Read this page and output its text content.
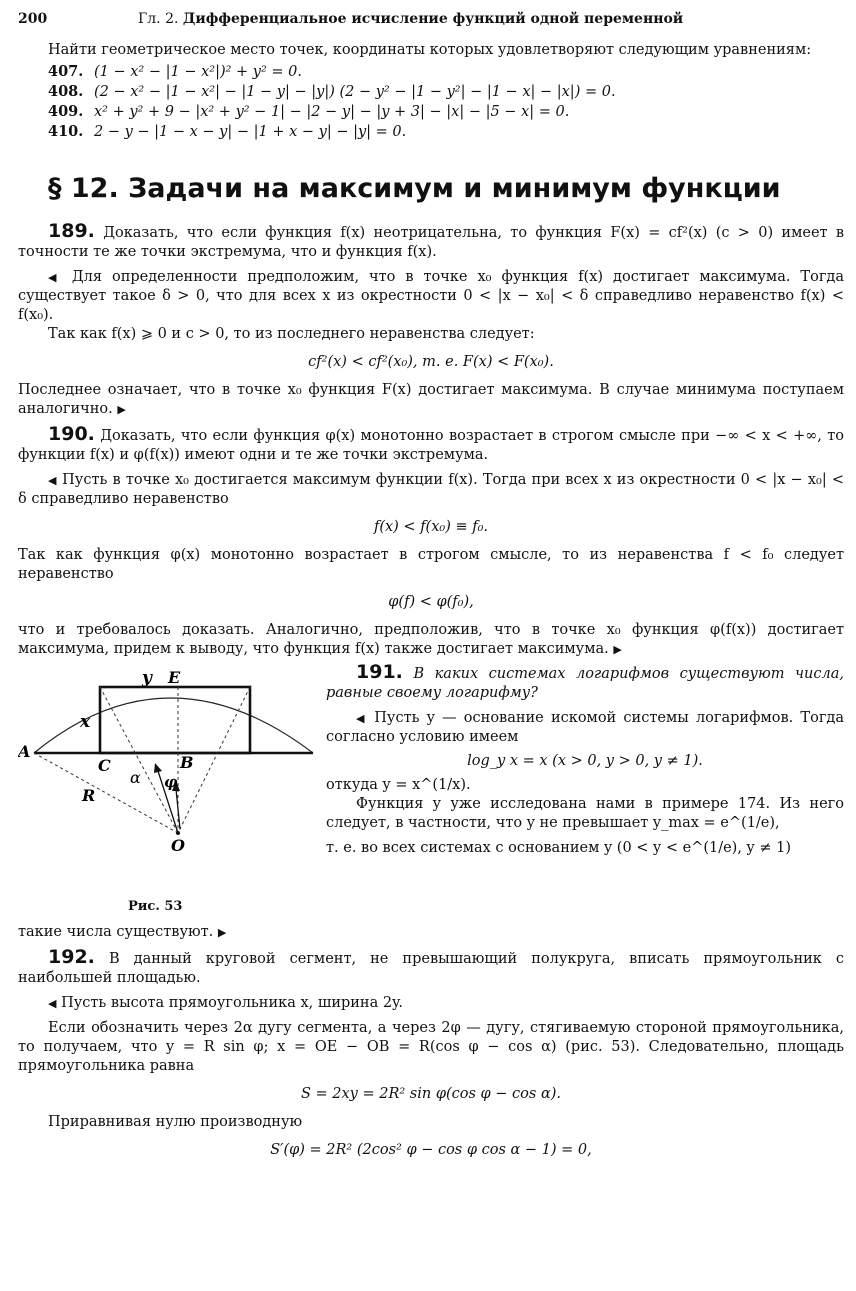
200	Гл. 2. Дифференциальное исчисление функций одной переменной

Найти геометрическое место точек, координаты которых удовлетворяют следующим уравнениям:

407. (1 − x² − |1 − x²|)² + y² = 0.
408. (2 − x² − |1 − x²| − |1 − y| − |y|) (2 − y² − |1 − y²| − |1 − x| − |x|) = 0.
409. x² + y² + 9 − |x² + y² − 1| − |2 − y| − |y + 3| − |x| − |5 − x| = 0.
410. 2 − y − |1 − x − y| − |1 + x − y| − |y| = 0.
§ 12. Задачи на максимум и минимум функции

189. Доказать, что если функция f(x) неотрицательна, то функция F(x) = cf²(x) (c > 0) имеет в точности те же точки экстремума, что и функция f(x).

◀ Для определенности предположим, что в точке x₀ функция f(x) достигает максимума. Тогда существует такое δ > 0, что для всех x из окрестности 0 < |x − x₀| < δ справедливо неравенство f(x) < f(x₀).

Так как f(x) ⩾ 0 и c > 0, то из последнего неравенства следует:

cf²(x) < cf²(x₀), т. е. F(x) < F(x₀).

Последнее означает, что в точке x₀ функция F(x) достигает максимума. В случае минимума поступаем аналогично. ▶

190. Доказать, что если функция φ(x) монотонно возрастает в строгом смысле при −∞ < x < +∞, то функции f(x) и φ(f(x)) имеют одни и те же точки экстремума.

◀ Пусть в точке x₀ достигается максимум функции f(x). Тогда при всех x из окрестности 0 < |x − x₀| < δ справедливо неравенство

f(x) < f(x₀) ≡ f₀.

Так как функция φ(x) монотонно возрастает в строгом смысле, то из неравенства f < f₀ следует неравенство

φ(f) < φ(f₀),

что и требовалось доказать. Аналогично, предположив, что в точке x₀ функция φ(f(x)) достигает максимума, придем к выводу, что функция f(x) также достигает максимума. ▶

y E
x
A
C	B
α φ
R
O
Рис. 53

191. В каких системах логарифмов существуют числа, равные своему логарифму?

◀ Пусть y — основание искомой системы логарифмов. Тогда согласно условию имеем

log_y x = x (x > 0, y > 0, y ≠ 1).

откуда y = x^(1/x).

Функция y уже исследована нами в примере 174. Из него следует, в частности, что y не превышает y_max = e^(1/e),

т. е. во всех системах с основанием y (0 < y < e^(1/e), y ≠ 1)

такие числа существуют. ▶

192. В данный круговой сегмент, не превышающий полукруга, вписать прямоугольник с наибольшей площадью.

◀ Пусть высота прямоугольника x, ширина 2y.

Если обозначить через 2α дугу сегмента, а через 2φ — дугу, стягиваемую стороной прямоугольника, то получаем, что y = R sin φ; x = OE − OB = R(cos φ − cos α) (рис. 53). Следовательно, площадь прямоугольника равна

S = 2xy = 2R² sin φ(cos φ − cos α).

Приравнивая нулю производную

S′(φ) = 2R² (2cos² φ − cos φ cos α − 1) = 0,
